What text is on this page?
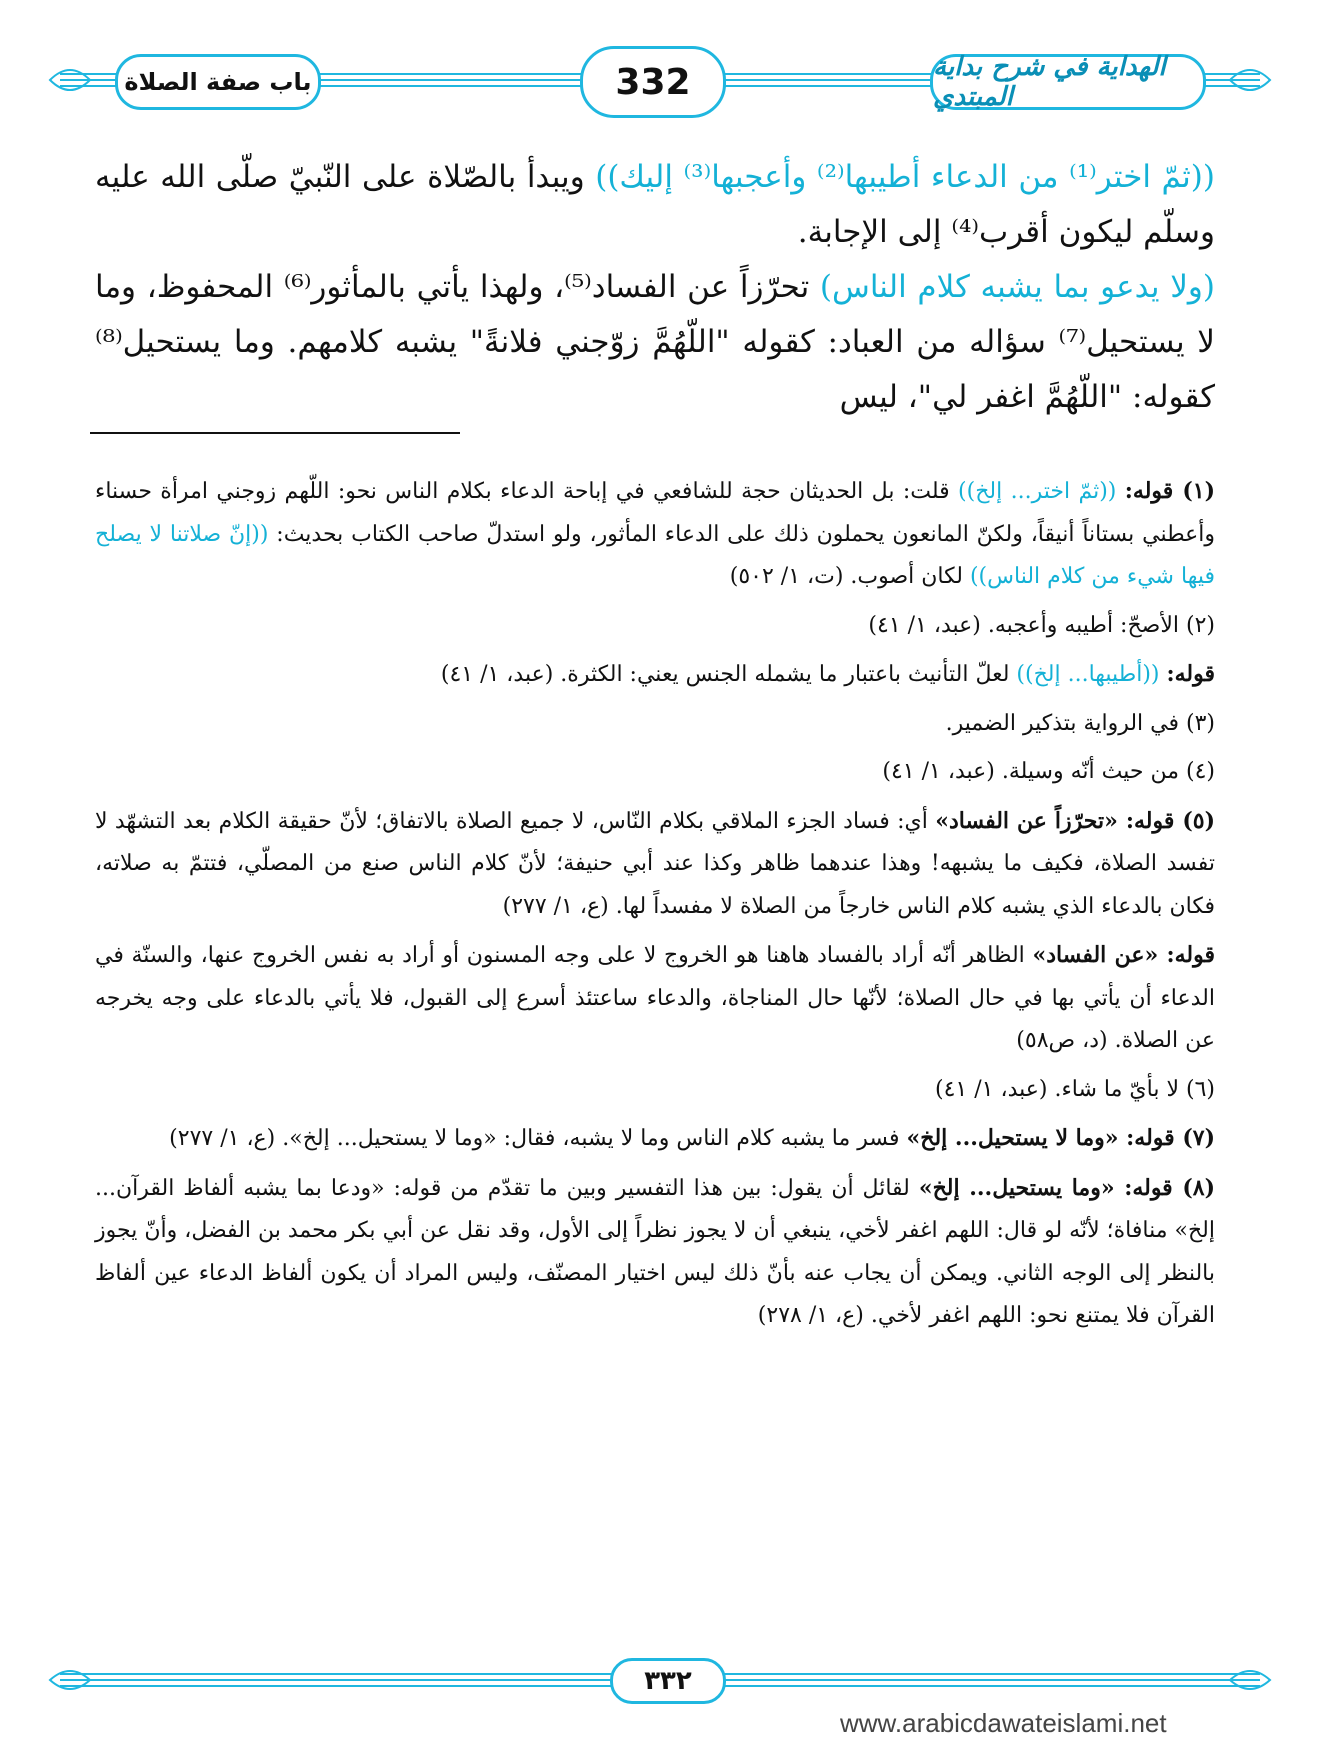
باب صفة الصلاة	332	الهداية في شرح بداية المبتدي

((ثمّ اختر⁽¹⁾ من الدعاء أطيبها⁽²⁾ وأعجبها⁽³⁾ إليك)) ويبدأ بالصّلاة على النّبيّ صلّى الله عليه وسلّم ليكون أقرب⁽⁴⁾ إلى الإجابة.

(ولا يدعو بما يشبه كلام الناس) تحرّزاً عن الفساد⁽⁵⁾، ولهذا يأتي بالمأثور⁽⁶⁾ المحفوظ، وما لا يستحيل⁽⁷⁾ سؤاله من العباد: كقوله "اللّهُمَّ زوّجني فلانةً" يشبه كلامهم. وما يستحيل⁽⁸⁾ كقوله: "اللّهُمَّ اغفر لي"، ليس

(١) قوله: ((ثمّ اختر... إلخ)) قلت: بل الحديثان حجة للشافعي في إباحة الدعاء بكلام الناس نحو: اللّهم زوجني امرأة حسناء وأعطني بستاناً أنيقاً، ولكنّ المانعون يحملون ذلك على الدعاء المأثور، ولو استدلّ صاحب الكتاب بحديث: ((إنّ صلاتنا لا يصلح فيها شيء من كلام الناس)) لكان أصوب. (ت، ١/ ٥٠٢)

(٢) الأصحّ: أطيبه وأعجبه. (عبد، ١/ ٤١)

قوله: ((أطيبها... إلخ)) لعلّ التأنيث باعتبار ما يشمله الجنس يعني: الكثرة. (عبد، ١/ ٤١)

(٣) في الرواية بتذكير الضمير.

(٤) من حيث أنّه وسيلة. (عبد، ١/ ٤١)

(٥) قوله: «تحرّزاً عن الفساد» أي: فساد الجزء الملاقي بكلام النّاس، لا جميع الصلاة بالاتفاق؛ لأنّ حقيقة الكلام بعد التشهّد لا تفسد الصلاة، فكيف ما يشبهه! وهذا عندهما ظاهر وكذا عند أبي حنيفة؛ لأنّ كلام الناس صنع من المصلّي، فتتمّ به صلاته، فكان بالدعاء الذي يشبه كلام الناس خارجاً من الصلاة لا مفسداً لها. (ع، ١/ ٢٧٧)

قوله: «عن الفساد» الظاهر أنّه أراد بالفساد هاهنا هو الخروج لا على وجه المسنون أو أراد به نفس الخروج عنها، والسنّة في الدعاء أن يأتي بها في حال الصلاة؛ لأنّها حال المناجاة، والدعاء ساعتئذ أسرع إلى القبول، فلا يأتي بالدعاء على وجه يخرجه عن الصلاة. (د، ص٥٨)

(٦) لا بأيّ ما شاء. (عبد، ١/ ٤١)

(٧) قوله: «وما لا يستحيل... إلخ» فسر ما يشبه كلام الناس وما لا يشبه، فقال: «وما لا يستحيل... إلخ». (ع، ١/ ٢٧٧)

(٨) قوله: «وما يستحيل... إلخ» لقائل أن يقول: بين هذا التفسير وبين ما تقدّم من قوله: «ودعا بما يشبه ألفاظ القرآن... إلخ» منافاة؛ لأنّه لو قال: اللهم اغفر لأخي، ينبغي أن لا يجوز نظراً إلى الأول، وقد نقل عن أبي بكر محمد بن الفضل، وأنّ يجوز بالنظر إلى الوجه الثاني. ويمكن أن يجاب عنه بأنّ ذلك ليس اختيار المصنّف، وليس المراد أن يكون ألفاظ الدعاء عين ألفاظ القرآن فلا يمتنع نحو: اللهم اغفر لأخي. (ع، ١/ ٢٧٨)

٣٣٢
www.arabicdawateislami.net
